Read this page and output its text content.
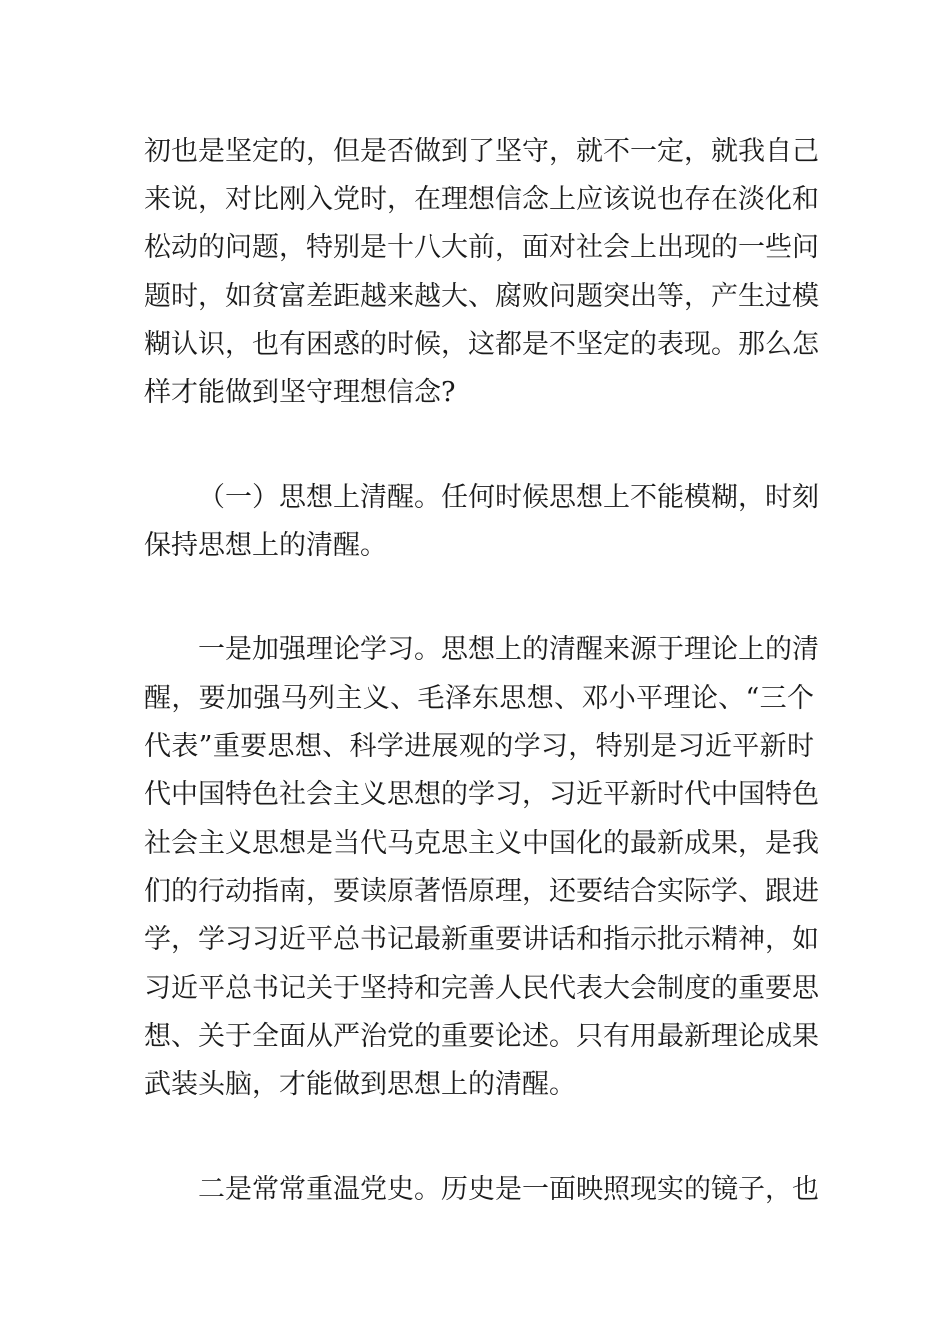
初也是坚定的，但是否做到了坚守，就不一定，就我自己
来说，对比刚入党时，在理想信念上应该说也存在淡化和
松动的问题，特别是十八大前，面对社会上出现的一些问
题时，如贫富差距越来越大、腐败问题突出等，产生过模
糊认识，也有困惑的时候，这都是不坚定的表现。那么怎
样才能做到坚守理想信念?
（一）思想上清醒。任何时候思想上不能模糊，时刻
保持思想上的清醒。
一是加强理论学习。思想上的清醒来源于理论上的清
醒，要加强马列主义、毛泽东思想、邓小平理论、“三个
代表”重要思想、科学进展观的学习，特别是习近平新时
代中国特色社会主义思想的学习，习近平新时代中国特色
社会主义思想是当代马克思主义中国化的最新成果，是我
们的行动指南，要读原著悟原理，还要结合实际学、跟进
学，学习习近平总书记最新重要讲话和指示批示精神，如
习近平总书记关于坚持和完善人民代表大会制度的重要思
想、关于全面从严治党的重要论述。只有用最新理论成果
武装头脑，才能做到思想上的清醒。
二是常常重温党史。历史是一面映照现实的镜子，也
